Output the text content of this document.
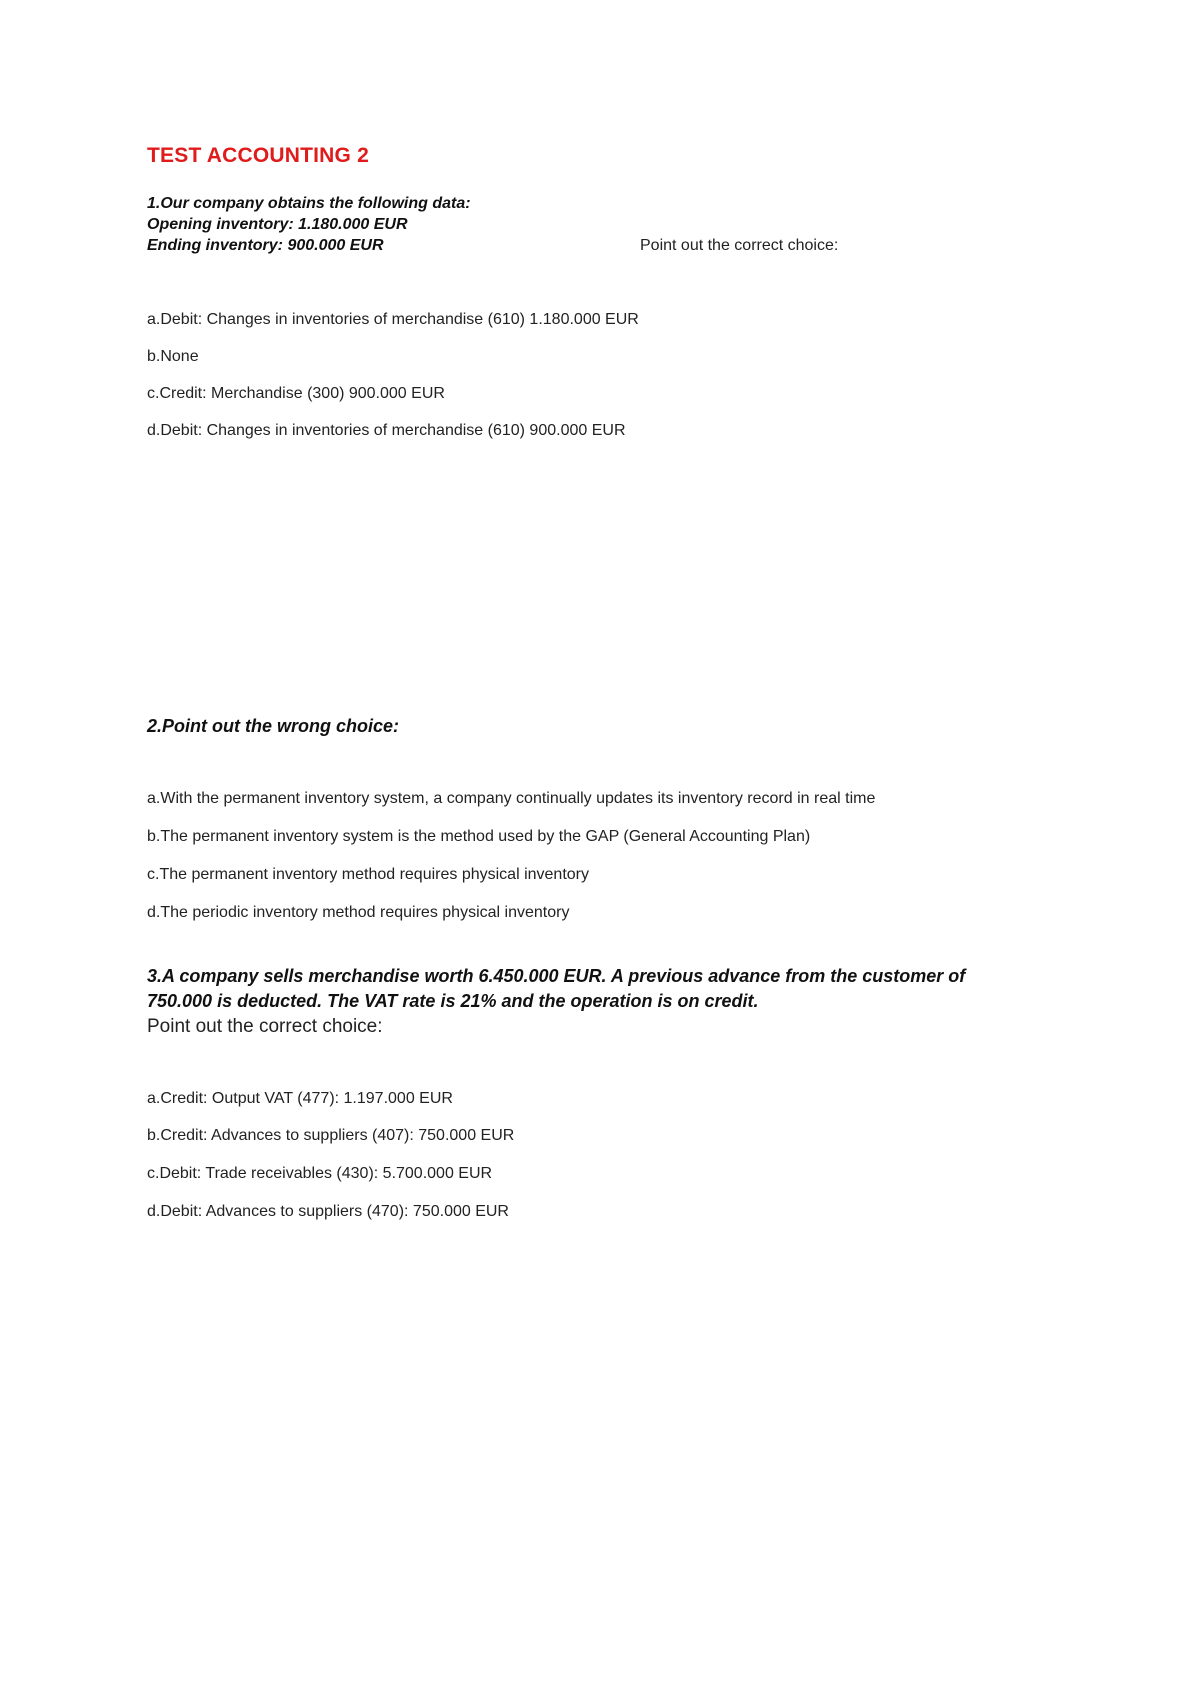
TEST ACCOUNTING 2
1.Our company obtains the following data:
Opening inventory: 1.180.000 EUR
Ending inventory: 900.000 EUR	Point out the correct choice:
a.Debit: Changes in inventories of merchandise (610) 1.180.000 EUR
b.None
c.Credit: Merchandise (300) 900.000 EUR
d.Debit: Changes in inventories of merchandise (610) 900.000 EUR
2.Point out the wrong choice:
a.With the permanent inventory system, a company continually updates its inventory record in real time
b.The permanent inventory system is the method used by the GAP (General Accounting Plan)
c.The permanent inventory method requires physical inventory
d.The periodic inventory method requires physical inventory
3.A company sells merchandise worth 6.450.000 EUR. A previous advance from the customer of
750.000 is deducted. The VAT rate is 21% and the operation is on credit.
Point out the correct choice:
a.Credit: Output VAT (477): 1.197.000 EUR
b.Credit: Advances to suppliers (407): 750.000 EUR
c.Debit: Trade receivables (430): 5.700.000 EUR
d.Debit: Advances to suppliers (470): 750.000 EUR
